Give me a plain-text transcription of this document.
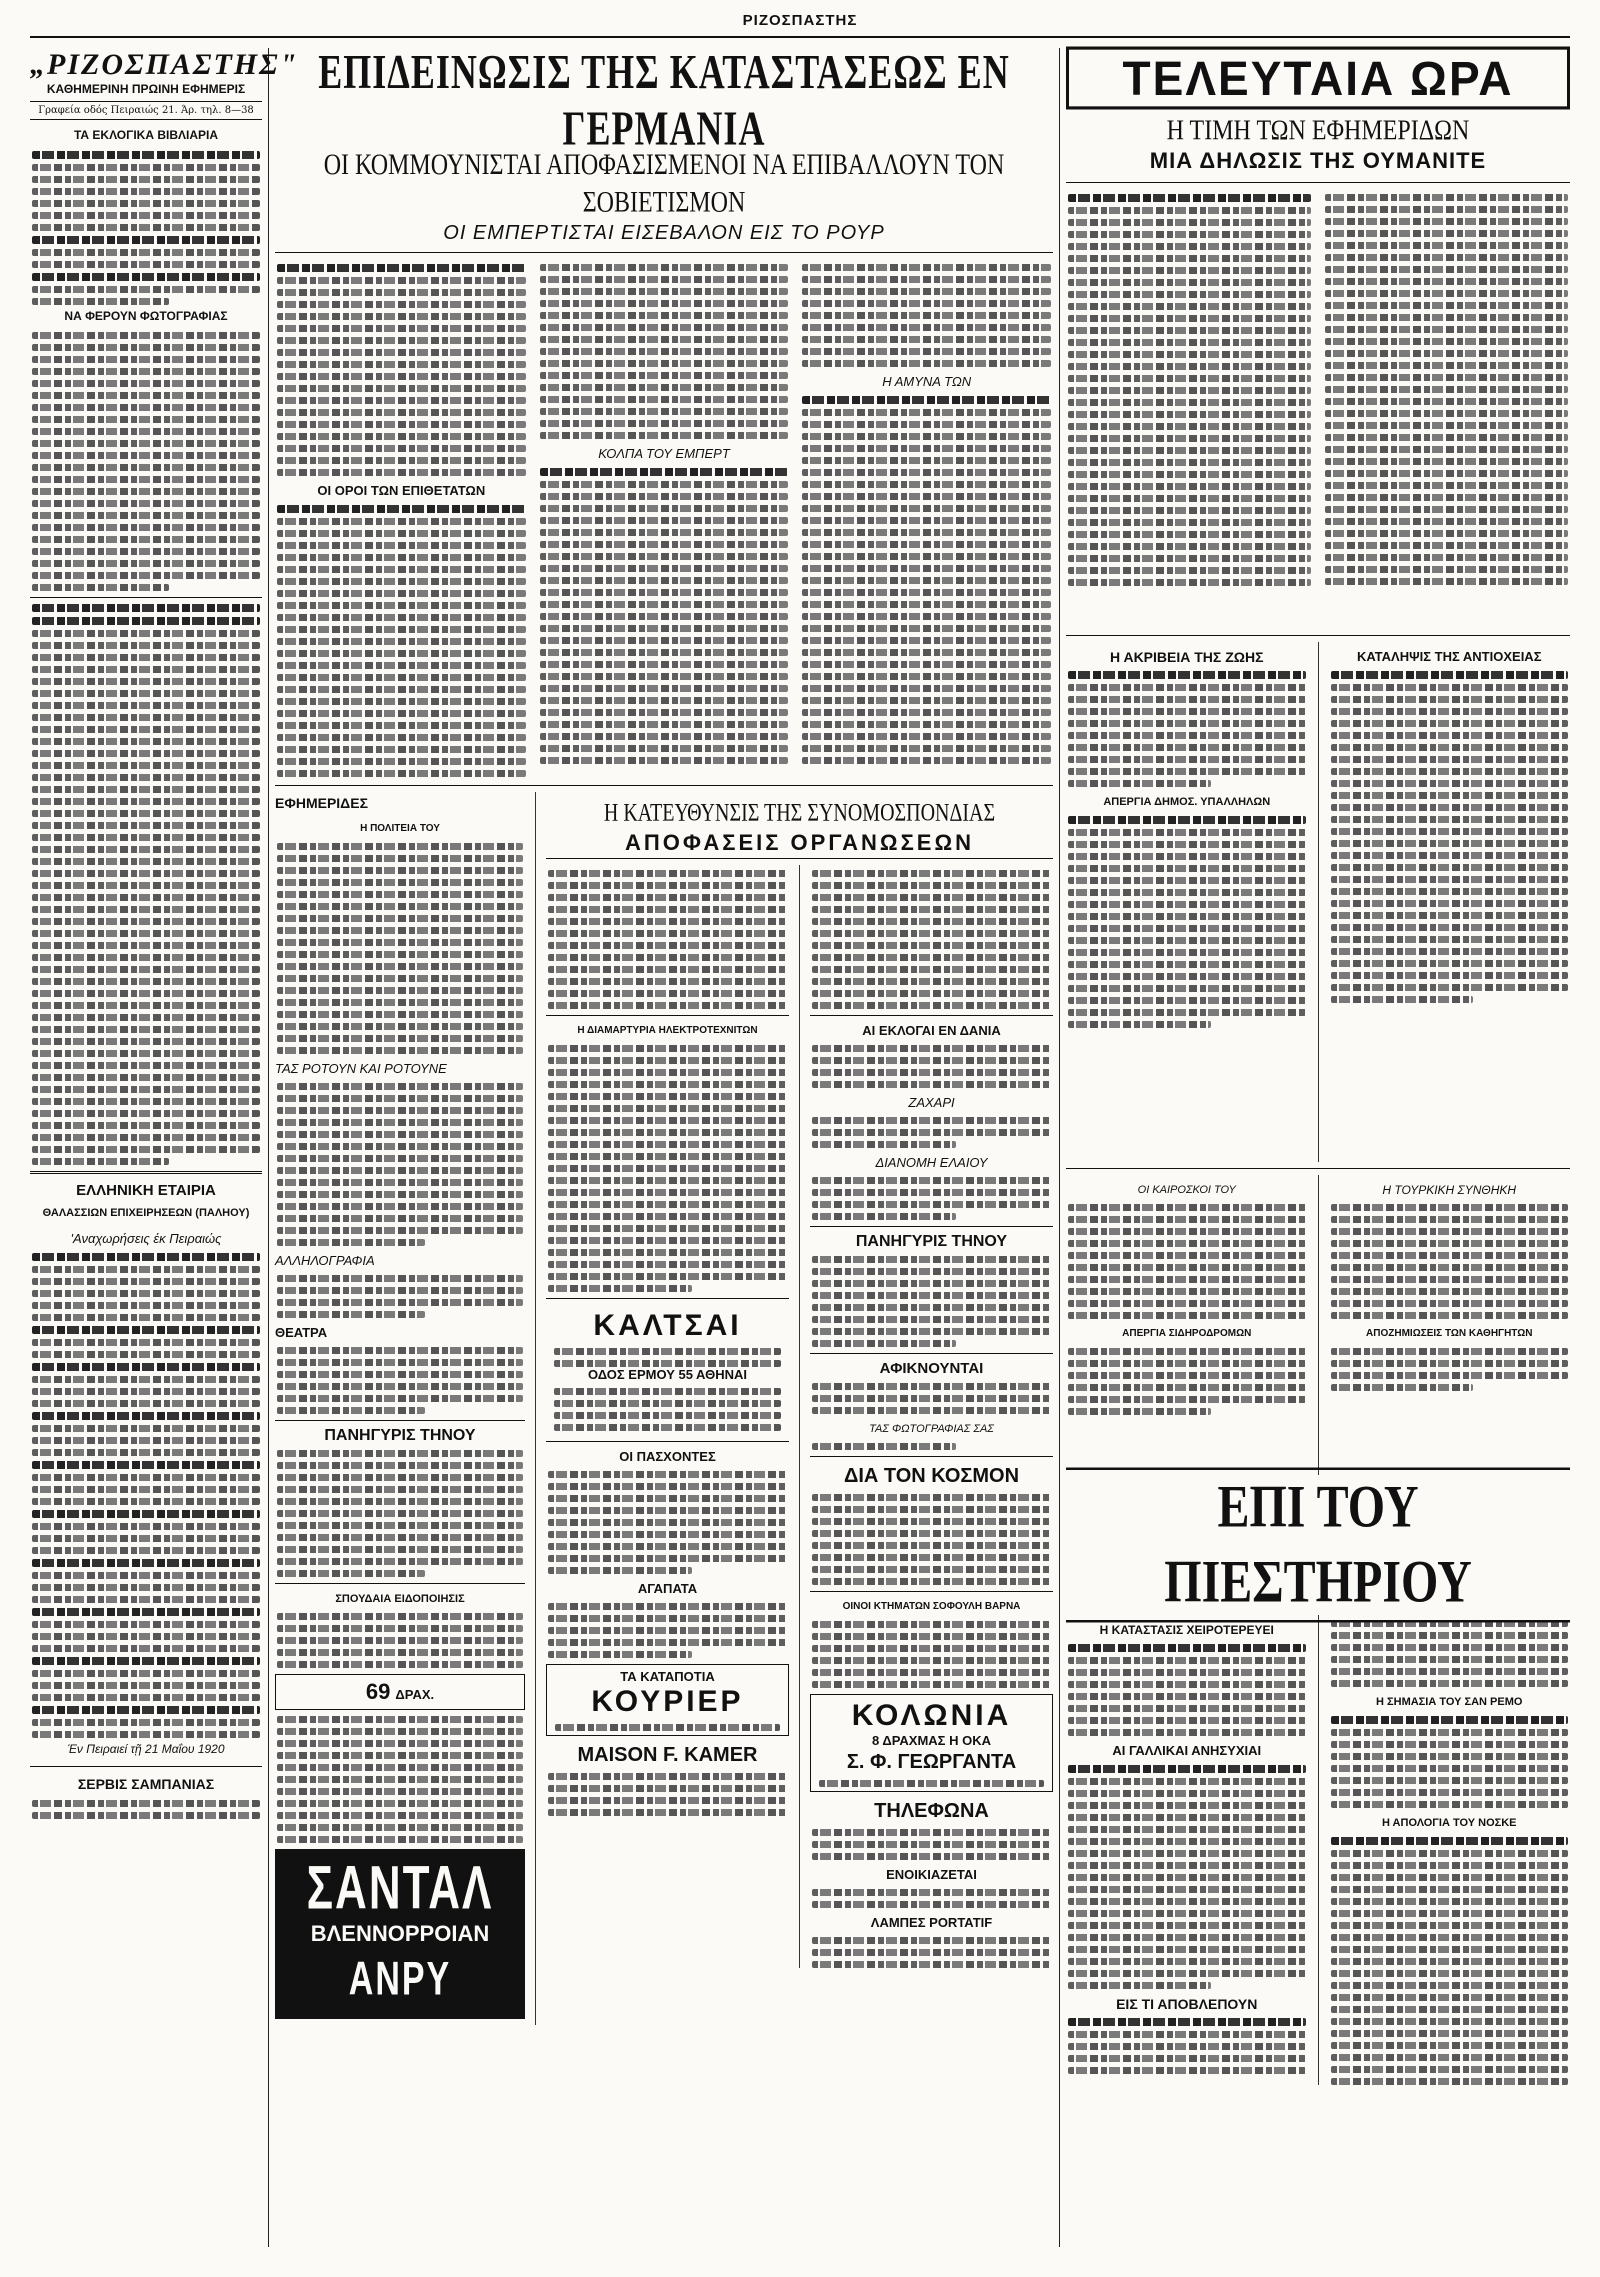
ΡΙΖΟΣΠΑΣΤΗΣ
„ΡΙΖΟΣΠΑΣΤΗΣ"
ΚΑΘΗΜΕΡΙΝΗ ΠΡΩΙΝΗ ΕΦΗΜΕΡΙΣ
Γραφεία οδός Πειραιώς 21. Άρ. τηλ. 8—38
ΤΑ ΕΚΛΟΓΙΚΑ ΒΙΒΛΙΑΡΙΑ
ΝΑ ΦΕΡΟΥΝ ΦΩΤΟΓΡΑΦΙΑΣ
ΕΛΛΗΝΙΚΗ ΕΤΑΙΡΙΑ
ΘΑΛΑΣΣΙΩΝ ΕΠΙΧΕΙΡΗΣΕΩΝ (ΠΑΛΗΟΥ)
'Αναχωρήσεις έκ Πειραιώς
Έν Πειραιεί τῇ 21 Μαΐου 1920
ΣΕΡΒΙΣ ΣΑΜΠΑΝΙΑΣ
ΕΠΙΔΕΙΝΩΣΙΣ ΤΗΣ ΚΑΤΑΣΤΑΣΕΩΣ ΕΝ ΓΕΡΜΑΝΙΑ
ΟΙ ΚΟΜΜΟΥΝΙΣΤΑΙ ΑΠΟΦΑΣΙΣΜΕΝΟΙ ΝΑ ΕΠΙΒΑΛΛΟΥΝ ΤΟΝ ΣΟΒΙΕΤΙΣΜΟΝ
ΟΙ ΕΜΠΕΡΤΙΣΤΑΙ ΕΙΣΕΒΑΛΟΝ ΕΙΣ ΤΟ ΡΟΥΡ
ΟΙ ΟΡΟΙ ΤΩΝ ΕΠΙΘΕΤΑΤΩΝ
ΚΟΛΠΑ ΤΟΥ ΕΜΠΕΡΤ
Η ΑΜΥΝΑ ΤΩΝ
ΕΦΗΜΕΡΙΔΕΣ
Η ΠΟΛΙΤΕΙΑ ΤΟΥ
ΤΑΣ ΡΟΤΟΥΝ ΚΑΙ ΡΟΤΟΥΝΕ
ΑΛΛΗΛΟΓΡΑΦΙΑ
ΘΕΑΤΡΑ
ΠΑΝΗΓΥΡΙΣ ΤΗΝΟΥ
ΣΠΟΥΔΑΙΑ ΕΙΔΟΠΟΙΗΣΙΣ
69 ΔΡΑΧ.
ΣΑΝΤΑΛ
ΒΛΕΝΝΟΡΡΟΙΑΝ
ΑΝΡΥ
Η ΚΑΤΕΥΘΥΝΣΙΣ ΤΗΣ ΣΥΝΟΜΟΣΠΟΝΔΙΑΣ
ΑΠΟΦΑΣΕΙΣ ΟΡΓΑΝΩΣΕΩΝ
Η ΔΙΑΜΑΡΤΥΡΙΑ ΗΛΕΚΤΡΟΤΕΧΝΙΤΩΝ
ΚΑΛΤΣΑΙ
ΟΔΟΣ ΕΡΜΟΥ 55 ΑΘΗΝΑΙ
ΟΙ ΠΑΣΧΟΝΤΕΣ
ΑΓΑΠΑΤΑ
ΤΑ ΚΑΤΑΠΟΤΙΑ
ΚΟΥΡΙΕΡ
MAISON F. KAMER
ΑΙ ΕΚΛΟΓΑΙ ΕΝ ΔΑΝΙΑ
ΖΑΧΑΡΙ
ΔΙΑΝΟΜΗ ΕΛΑΙΟΥ
ΠΑΝΗΓΥΡΙΣ ΤΗΝΟΥ
ΑΦΙΚΝΟΥΝΤΑΙ
ΤΑΣ ΦΩΤΟΓΡΑΦΙΑΣ ΣΑΣ
ΔΙΑ ΤΟΝ ΚΟΣΜΟΝ
ΟΙΝΟΙ ΚΤΗΜΑΤΩΝ ΣΟΦΟΥΛΗ ΒΑΡΝΑ
ΚΟΛΩΝΙΑ
8 ΔΡΑΧΜΑΣ Η ΟΚΑ
Σ. Φ. ΓΕΩΡΓΑΝΤΑ
ΤΗΛΕΦΩΝΑ
ΕΝΟΙΚΙΑΖΕΤΑΙ
ΛΑΜΠΕΣ PORTATIF
ΤΕΛΕΥΤΑΙΑ ΩΡΑ
Η ΤΙΜΗ ΤΩΝ ΕΦΗΜΕΡΙΔΩΝ
ΜΙΑ ΔΗΛΩΣΙΣ ΤΗΣ ΟΥΜΑΝΙΤΕ
Η ΑΚΡΙΒΕΙΑ ΤΗΣ ΖΩΗΣ
ΑΠΕΡΓΙΑ ΔΗΜΟΣ. ΥΠΑΛΛΗΛΩΝ
ΚΑΤΑΛΗΨΙΣ ΤΗΣ ΑΝΤΙΟΧΕΙΑΣ
ΟΙ ΚΑΙΡΟΣΚΟΙ ΤΟΥ
ΑΠΕΡΓΙΑ ΣΙΔΗΡΟΔΡΟΜΩΝ
Η ΤΟΥΡΚΙΚΗ ΣΥΝΘΗΚΗ
ΑΠΟΖΗΜΙΩΣΕΙΣ ΤΩΝ ΚΑΘΗΓΗΤΩΝ
ΕΠΙ ΤΟΥ ΠΙΕΣΤΗΡΙΟΥ
Η ΚΑΤΑΣΤΑΣΙΣ ΧΕΙΡΟΤΕΡΕΥΕΙ
ΑΙ ΓΑΛΛΙΚΑΙ ΑΝΗΣΥΧΙΑΙ
ΕΙΣ ΤΙ ΑΠΟΒΛΕΠΟΥΝ
Η ΣΗΜΑΣΙΑ ΤΟΥ ΣΑΝ ΡΕΜΟ
Η ΑΠΟΛΟΓΙΑ ΤΟΥ ΝΟΣΚΕ
